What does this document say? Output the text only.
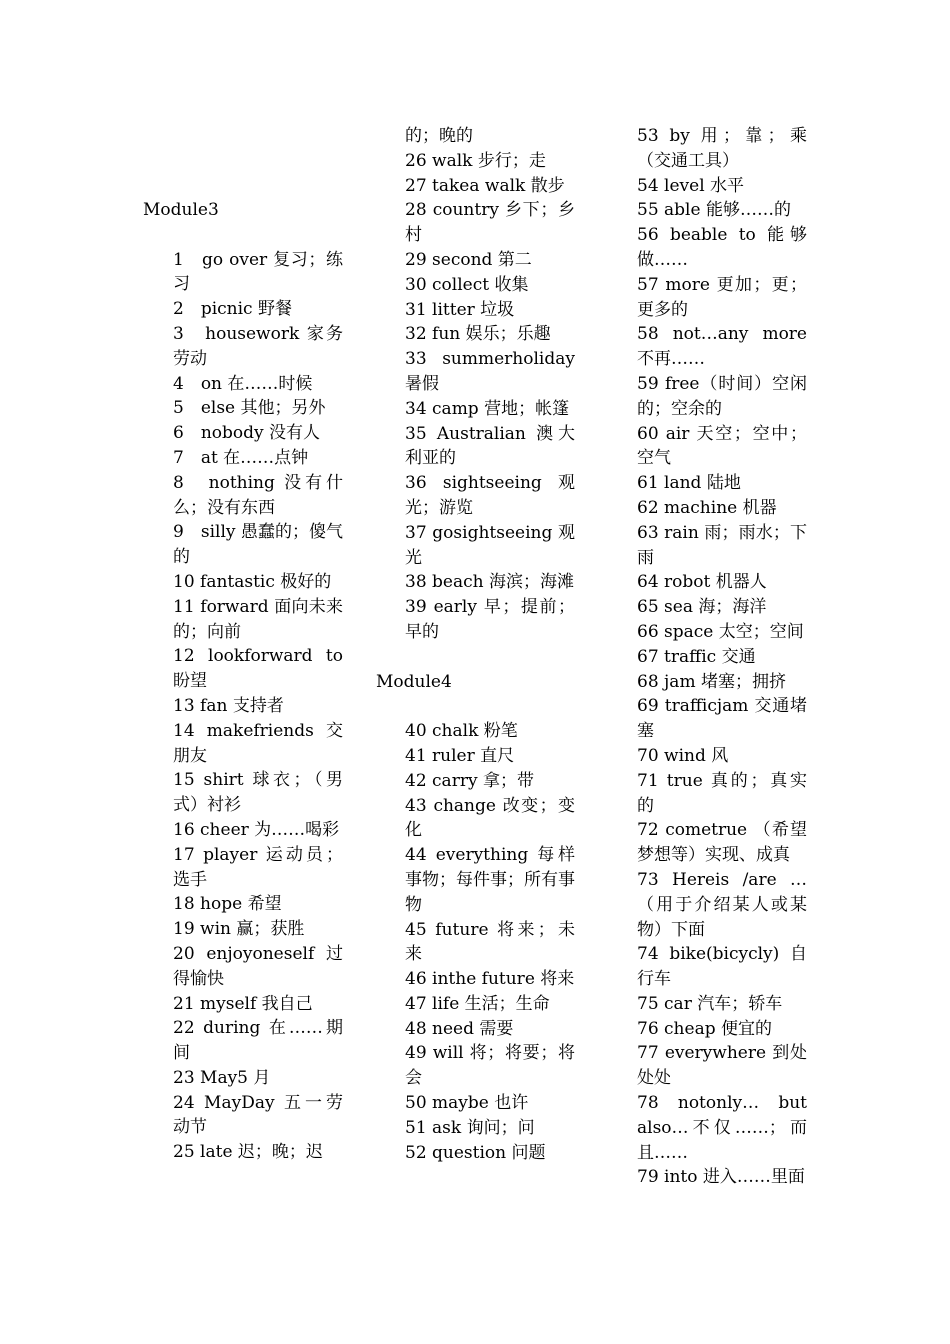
Module3
1　go over 复习；练习
2　picnic 野餐
3　housework 家务劳动
4　on 在……时候
5　else 其他；另外
6　nobody 没有人
7　at 在……点钟
8　nothing 没有什么；没有东西
9　silly 愚蠢的；傻气的
10 fantastic 极好的
11 forward 面向未来的；向前
12 lookforward to 盼望
13 fan 支持者
14 makefriends 交朋友
15 shirt 球衣；（男式）衬衫
16 cheer 为……喝彩
17 player 运动员；选手
18 hope 希望
19 win 赢；获胜
20 enjoyoneself 过得愉快
21 myself 我自己
22 during 在……期间
23 May5 月
24 MayDay 五一劳动节
25 late 迟；晚；迟
的；晚的
26 walk 步行；走
27 takea walk 散步
28 country 乡下；乡村
29 second 第二
30 collect 收集
31 litter 垃圾
32 fun 娱乐；乐趣
33 summerholiday 暑假
34 camp 营地；帐篷
35 Australian 澳大利亚的
36 sightseeing 观光；游览
37 gosightseeing 观光
38 beach 海滨；海滩
39 early 早；提前；早的
Module4
40 chalk 粉笔
41 ruler 直尺
42 carry 拿；带
43 change 改变；变化
44 everything 每样事物；每件事；所有事物
45 future 将来；未来
46 inthe future 将来
47 life 生活；生命
48 need 需要
49 will 将；将要；将会
50 maybe 也许
51 ask 询问；问
52 question 问题
53 by 用；靠；乘（交通工具）
54 level 水平
55 able 能够……的
56 beable to 能够做……
57 more 更加；更；更多的
58 not…any more 不再……
59 free（时间）空闲的；空余的
60 air 天空；空中；空气
61 land 陆地
62 machine 机器
63 rain 雨；雨水；下雨
64 robot 机器人
65 sea 海；海洋
66 space 太空；空间
67 traffic 交通
68 jam 堵塞；拥挤
69 trafficjam 交通堵塞
70 wind 风
71 true 真的；真实的
72 cometrue （希望梦想等）实现、成真
73 Hereis /are …（用于介绍某人或某物）下面
74 bike(bicycly) 自行车
75 car 汽车；轿车
76 cheap 便宜的
77 everywhere 到处处处
78 notonly… but also…不仅……；而且……
79 into 进入……里面
